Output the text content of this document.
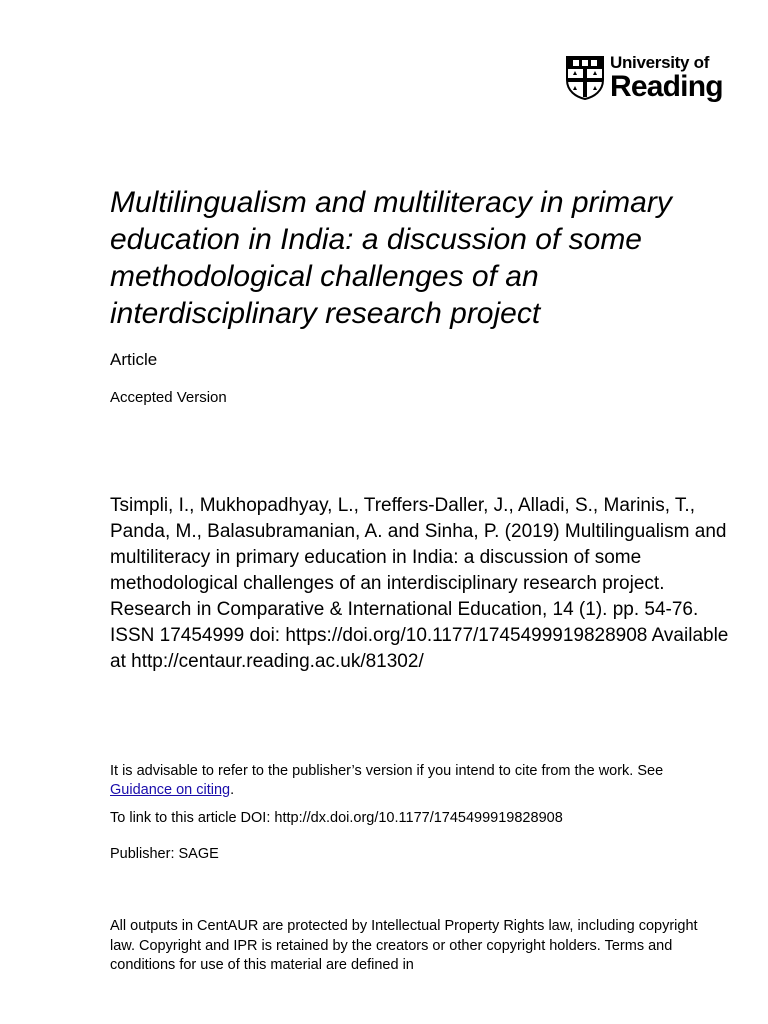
University of
Reading
Multilingualism and multiliteracy in primary education in India: a discussion of some methodological challenges of an interdisciplinary research project
Article
Accepted Version

Tsimpli, I., Mukhopadhyay, L., Treffers-Daller, J., Alladi, S., Marinis, T., Panda, M., Balasubramanian, A. and Sinha, P. (2019) Multilingualism and multiliteracy in primary education in India: a discussion of some methodological challenges of an interdisciplinary research project. Research in Comparative & International Education, 14 (1). pp. 54-76. ISSN 17454999 doi: https://doi.org/10.1177/1745499919828908 Available at http://centaur.reading.ac.uk/81302/

It is advisable to refer to the publisher’s version if you intend to cite from the work. See Guidance on citing.

To link to this article DOI: http://dx.doi.org/10.1177/1745499919828908
Publisher: SAGE

All outputs in CentAUR are protected by Intellectual Property Rights law, including copyright law. Copyright and IPR is retained by the creators or other copyright holders. Terms and conditions for use of this material are defined in
